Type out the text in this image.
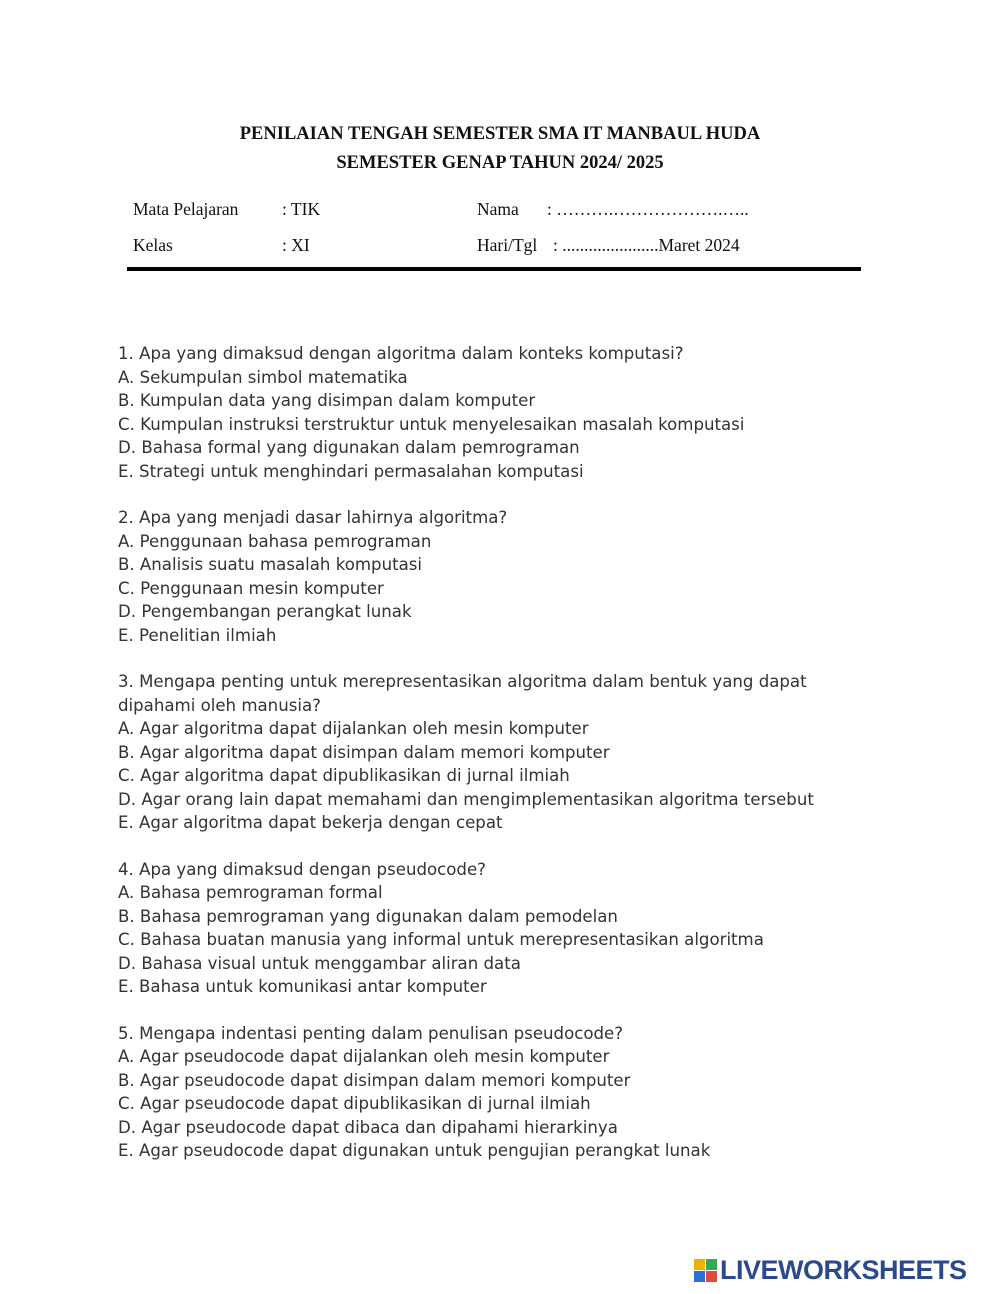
PENILAIAN TENGAH SEMESTER SMA IT MANBAUL HUDA
SEMESTER GENAP TAHUN 2024/ 2025
Mata Pelajaran : TIK	Nama : ……….……………….…..
Kelas	: XI	Hari/Tgl : ......................Maret 2024
1. Apa yang dimaksud dengan algoritma dalam konteks komputasi?
A. Sekumpulan simbol matematika
B. Kumpulan data yang disimpan dalam komputer
C. Kumpulan instruksi terstruktur untuk menyelesaikan masalah komputasi
D. Bahasa formal yang digunakan dalam pemrograman
E. Strategi untuk menghindari permasalahan komputasi
2. Apa yang menjadi dasar lahirnya algoritma?
A. Penggunaan bahasa pemrograman
B. Analisis suatu masalah komputasi
C. Penggunaan mesin komputer
D. Pengembangan perangkat lunak
E. Penelitian ilmiah
3. Mengapa penting untuk merepresentasikan algoritma dalam bentuk yang dapat dipahami oleh manusia?
A. Agar algoritma dapat dijalankan oleh mesin komputer
B. Agar algoritma dapat disimpan dalam memori komputer
C. Agar algoritma dapat dipublikasikan di jurnal ilmiah
D. Agar orang lain dapat memahami dan mengimplementasikan algoritma tersebut
E. Agar algoritma dapat bekerja dengan cepat
4. Apa yang dimaksud dengan pseudocode?
A. Bahasa pemrograman formal
B. Bahasa pemrograman yang digunakan dalam pemodelan
C. Bahasa buatan manusia yang informal untuk merepresentasikan algoritma
D. Bahasa visual untuk menggambar aliran data
E. Bahasa untuk komunikasi antar komputer
5. Mengapa indentasi penting dalam penulisan pseudocode?
A. Agar pseudocode dapat dijalankan oleh mesin komputer
B. Agar pseudocode dapat disimpan dalam memori komputer
C. Agar pseudocode dapat dipublikasikan di jurnal ilmiah
D. Agar pseudocode dapat dibaca dan dipahami hierarkinya
E. Agar pseudocode dapat digunakan untuk pengujian perangkat lunak
LIVEWORKSHEETS
